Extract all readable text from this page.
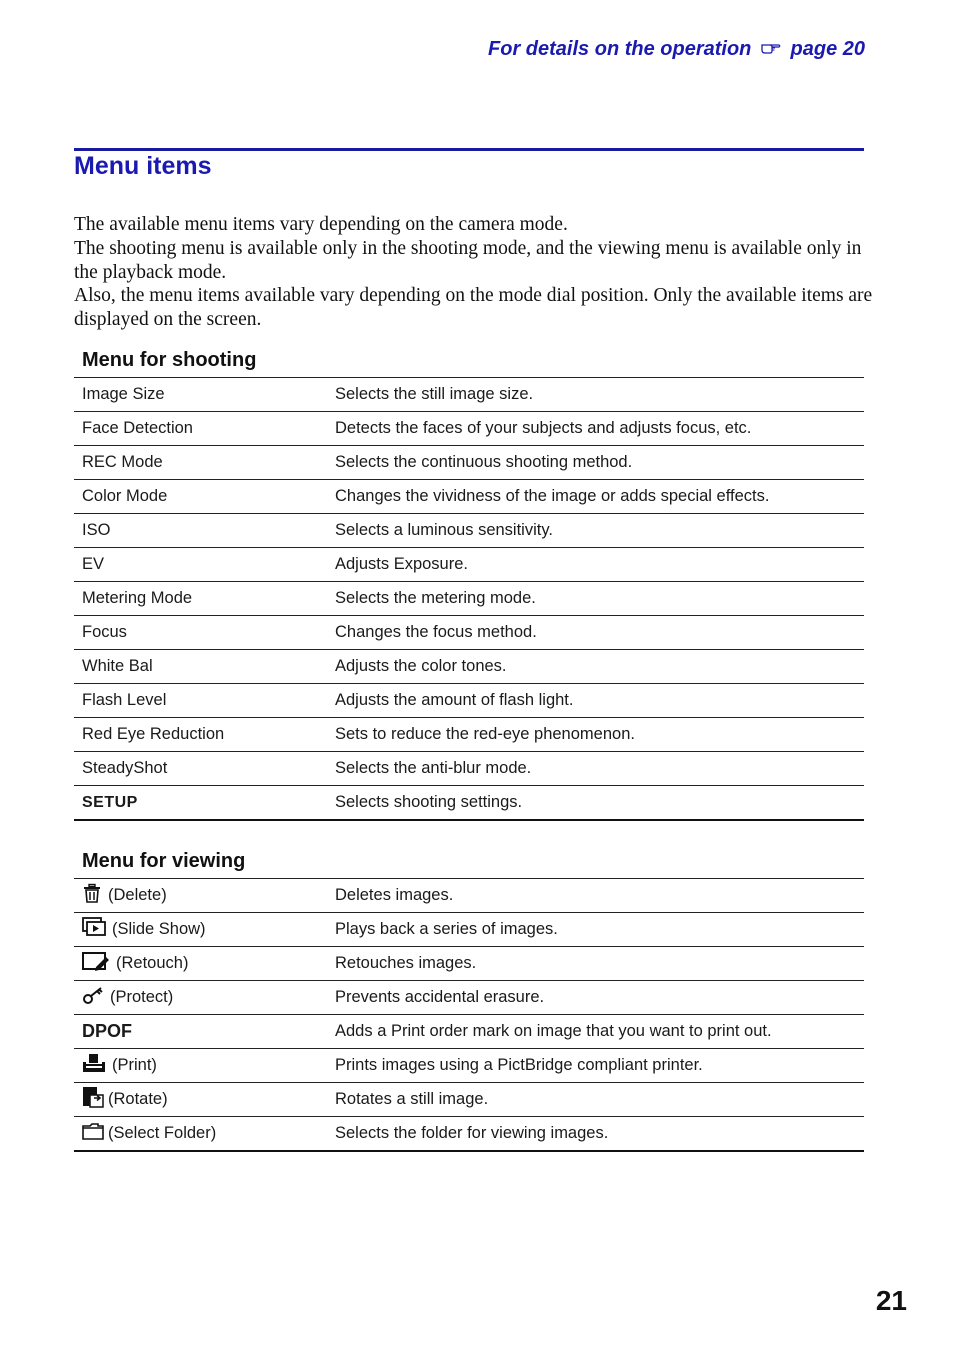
For details on the operation page 20
Menu items

The available menu items vary depending on the camera mode.

The shooting menu is available only in the shooting mode, and the viewing menu is available only in the playback mode.

Also, the menu items available vary depending on the mode dial position. Only the available items are displayed on the screen.

Menu for shooting
Image Size	Selects the still image size.
Face Detection	Detects the faces of your subjects and adjusts focus, etc.
REC Mode	Selects the continuous shooting method.
Color Mode	Changes the vividness of the image or adds special effects.
ISO	Selects a luminous sensitivity.
EV	Adjusts Exposure.
Metering Mode	Selects the metering mode.
Focus	Changes the focus method.
White Bal	Adjusts the color tones.
Flash Level	Adjusts the amount of flash light.
Red Eye Reduction	Sets to reduce the red-eye phenomenon.
SteadyShot	Selects the anti-blur mode.
SETUP	Selects shooting settings.
Menu for viewing
(Delete)	Deletes images.
(Slide Show)	Plays back a series of images.
(Retouch)	Retouches images.
(Protect)	Prevents accidental erasure.
DPOF	Adds a Print order mark on image that you want to print out.
(Print)	Prints images using a PictBridge compliant printer.
(Rotate)	Rotates a still image.
(Select Folder)	Selects the folder for viewing images.
21
